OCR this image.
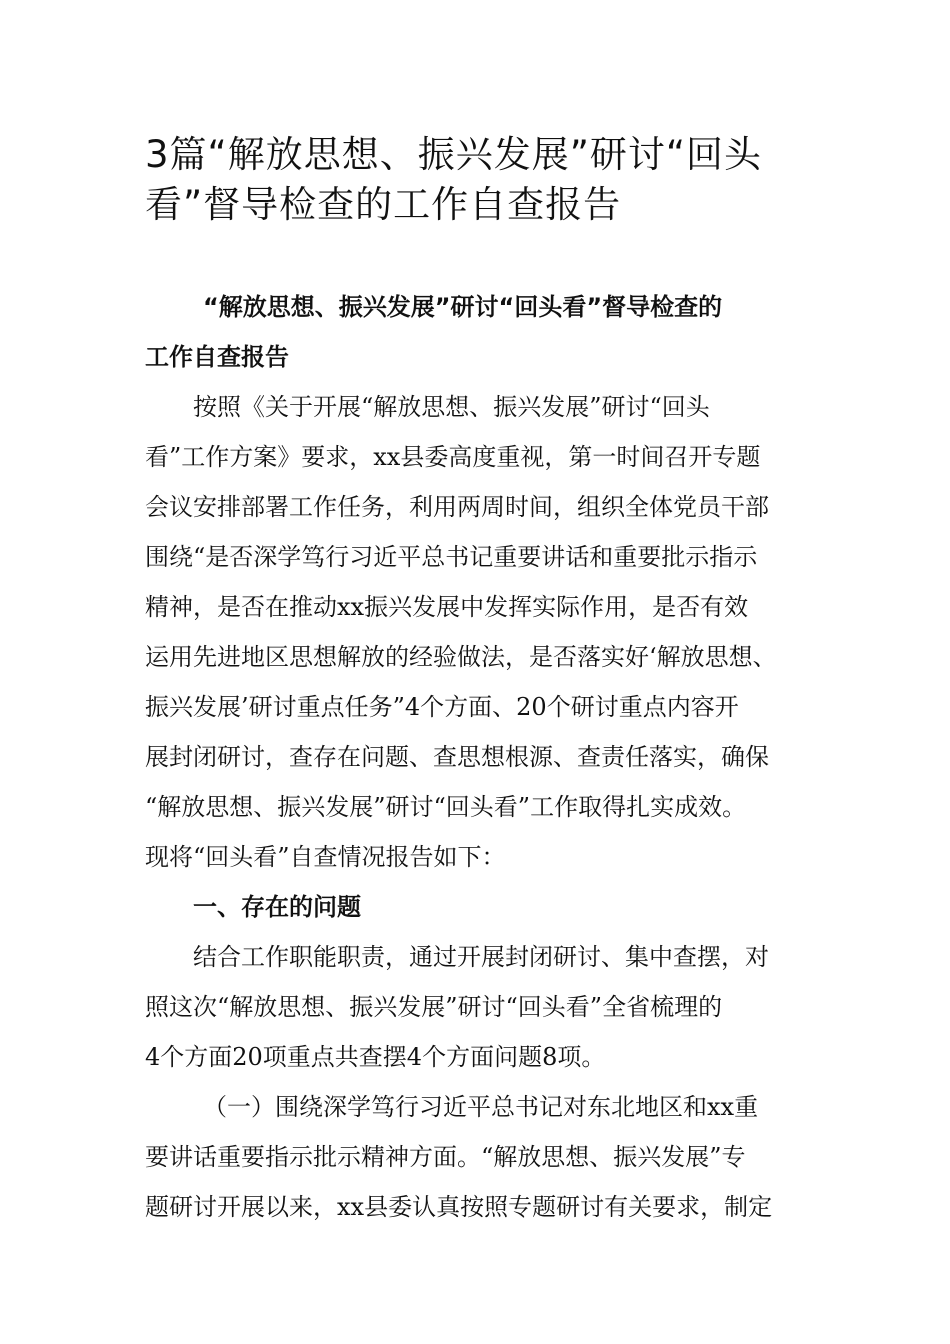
3篇“解放思想、振兴发展”研讨“回头
看”督导检查的工作自查报告
“解放思想、振兴发展”研讨“回头看”督导检查的
工作自查报告
按照《关于开展“解放思想、振兴发展”研讨“回头
看”工作方案》要求，xx县委高度重视，第一时间召开专题
会议安排部署工作任务，利用两周时间，组织全体党员干部
围绕“是否深学笃行习近平总书记重要讲话和重要批示指示
精神，是否在推动xx振兴发展中发挥实际作用，是否有效
运用先进地区思想解放的经验做法，是否落实好‘解放思想、
振兴发展’研讨重点任务”4个方面、20个研讨重点内容开
展封闭研讨，查存在问题、查思想根源、查责任落实，确保
“解放思想、振兴发展”研讨“回头看”工作取得扎实成效。
现将“回头看”自查情况报告如下：
一、存在的问题
结合工作职能职责，通过开展封闭研讨、集中查摆，对
照这次“解放思想、振兴发展”研讨“回头看”全省梳理的
4个方面20项重点共查摆4个方面问题8项。
（一）围绕深学笃行习近平总书记对东北地区和xx重
要讲话重要指示批示精神方面。“解放思想、振兴发展”专
题研讨开展以来，xx县委认真按照专题研讨有关要求，制定
